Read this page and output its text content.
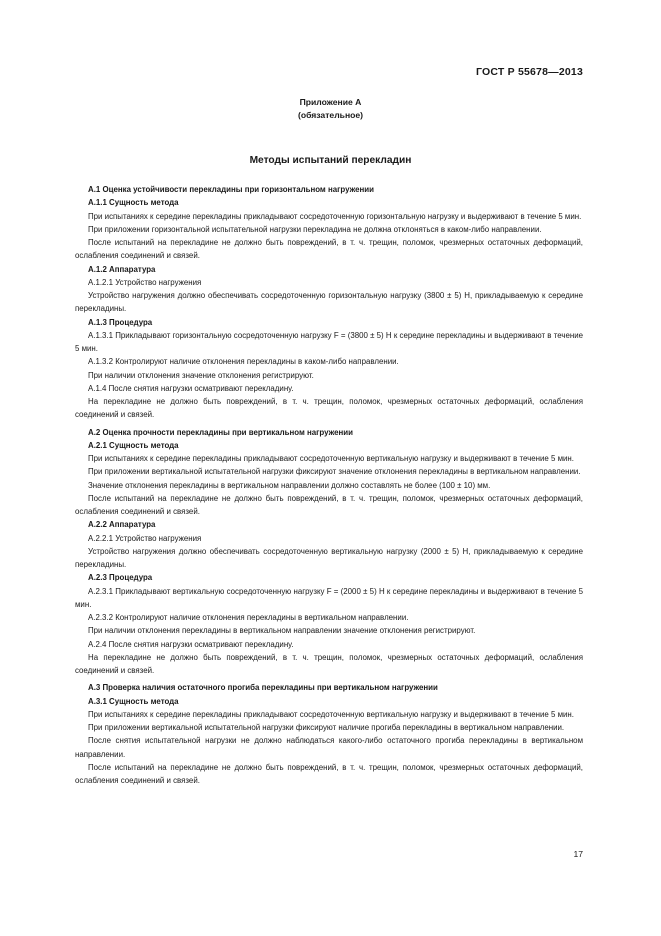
ГОСТ Р 55678—2013
Приложение А
(обязательное)
Методы испытаний перекладин

А.1 Оценка устойчивости перекладины при горизонтальном нагружении

А.1.1 Сущность метода

При испытаниях к середине перекладины прикладывают сосредоточенную горизонтальную нагрузку и выдерживают в течение 5 мин.

При приложении горизонтальной испытательной нагрузки перекладина не должна отклоняться в каком-либо направлении.

После испытаний на перекладине не должно быть повреждений, в т. ч. трещин, поломок, чрезмерных остаточных деформаций, ослабления соединений и связей.

А.1.2 Аппаратура

А.1.2.1 Устройство нагружения

Устройство нагружения должно обеспечивать сосредоточенную горизонтальную нагрузку (3800 ± 5) Н, прикладываемую к середине перекладины.

А.1.3 Процедура

А.1.3.1 Прикладывают горизонтальную сосредоточенную нагрузку F = (3800 ± 5) Н к середине перекладины и выдерживают в течение 5 мин.

А.1.3.2 Контролируют наличие отклонения перекладины в каком-либо направлении.

При наличии отклонения значение отклонения регистрируют.

А.1.4 После снятия нагрузки осматривают перекладину.

На перекладине не должно быть повреждений, в т. ч. трещин, поломок, чрезмерных остаточных деформаций, ослабления соединений и связей.

А.2 Оценка прочности перекладины при вертикальном нагружении

А.2.1 Сущность метода

При испытаниях к середине перекладины прикладывают сосредоточенную вертикальную нагрузку и выдерживают в течение 5 мин.

При приложении вертикальной испытательной нагрузки фиксируют значение отклонения перекладины в вертикальном направлении.

Значение отклонения перекладины в вертикальном направлении должно составлять не более (100 ± 10) мм.

После испытаний на перекладине не должно быть повреждений, в т. ч. трещин, поломок, чрезмерных остаточных деформаций, ослабления соединений и связей.

А.2.2 Аппаратура

А.2.2.1 Устройство нагружения

Устройство нагружения должно обеспечивать сосредоточенную вертикальную нагрузку (2000 ± 5) Н, прикладываемую к середине перекладины.

А.2.3 Процедура

А.2.3.1 Прикладывают вертикальную сосредоточенную нагрузку F = (2000 ± 5) Н к середине перекладины и выдерживают в течение 5 мин.

А.2.3.2 Контролируют наличие отклонения перекладины в вертикальном направлении.

При наличии отклонения перекладины в вертикальном направлении значение отклонения регистрируют.

А.2.4 После снятия нагрузки осматривают перекладину.

На перекладине не должно быть повреждений, в т. ч. трещин, поломок, чрезмерных остаточных деформаций, ослабления соединений и связей.

А.3 Проверка наличия остаточного прогиба перекладины при вертикальном нагружении

А.3.1 Сущность метода

При испытаниях к середине перекладины прикладывают сосредоточенную вертикальную нагрузку и выдерживают в течение 5 мин.

При приложении вертикальной испытательной нагрузки фиксируют наличие прогиба перекладины в вертикальном направлении.

После снятия испытательной нагрузки не должно наблюдаться какого-либо остаточного прогиба перекладины в вертикальном направлении.

После испытаний на перекладине не должно быть повреждений, в т. ч. трещин, поломок, чрезмерных остаточных деформаций, ослабления соединений и связей.

17
